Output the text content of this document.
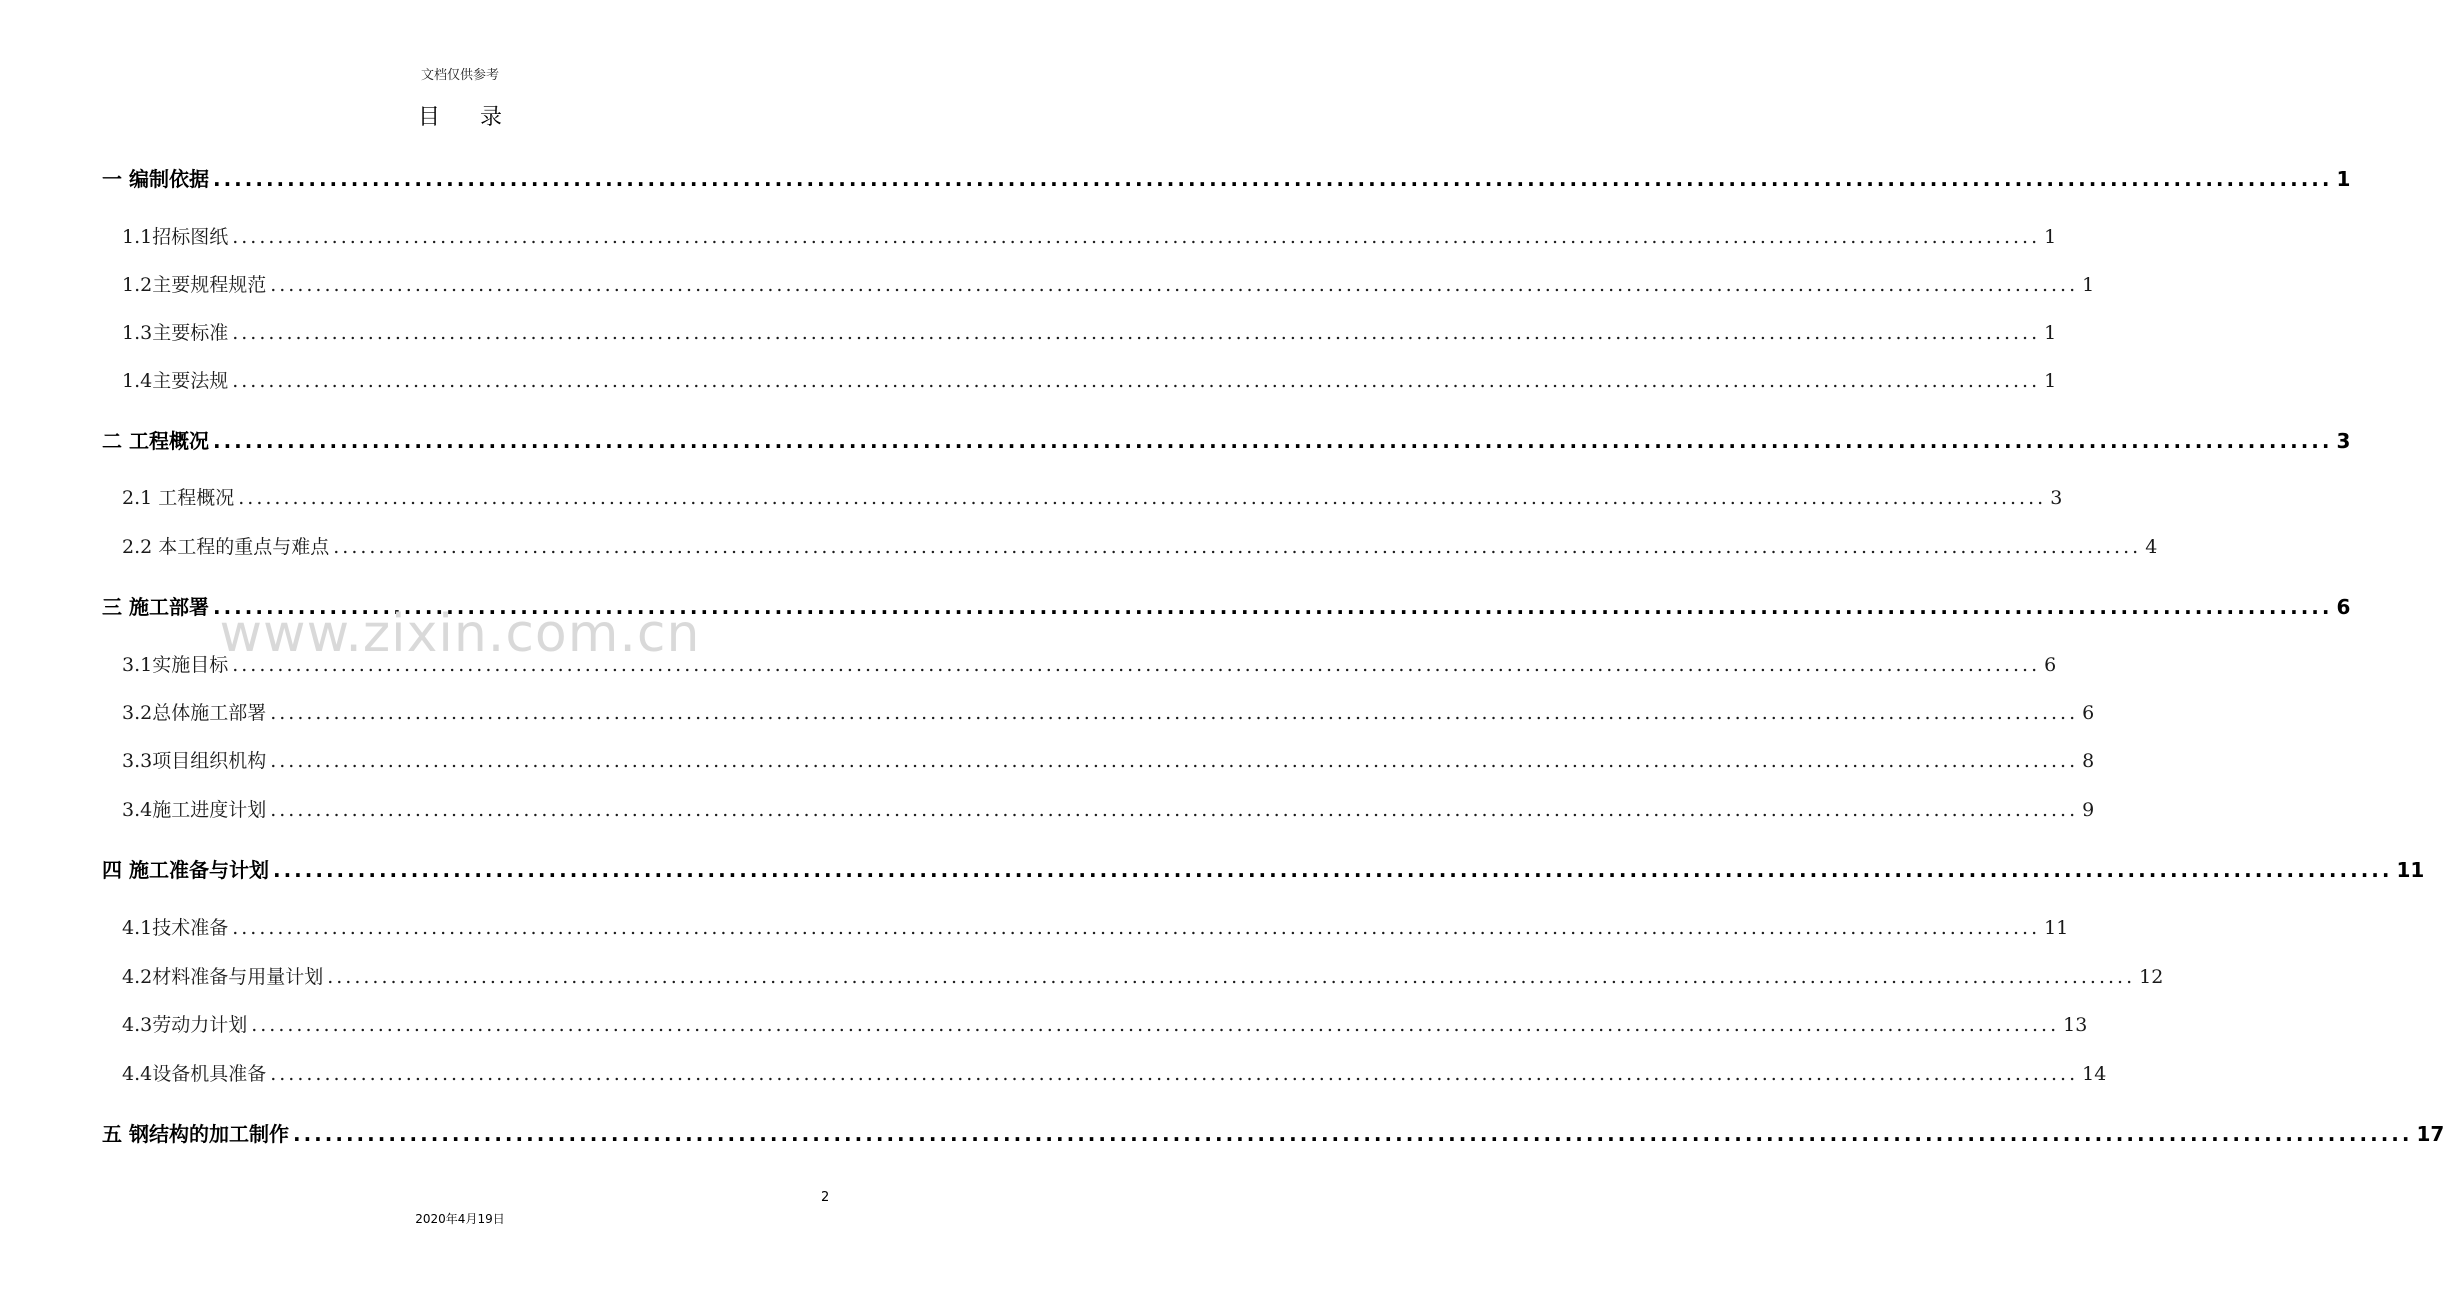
文档仅供参考
目录
一 编制依据 ........................................................................................................................................................................................................ 1
1.1招标图纸 ........................................................................................................................................................................................................ 1
1.2主要规程规范 ........................................................................................................................................................................................................ 1
1.3主要标准 ........................................................................................................................................................................................................ 1
1.4主要法规 ........................................................................................................................................................................................................ 1
二 工程概况 ........................................................................................................................................................................................................ 3
2.1 工程概况 ........................................................................................................................................................................................................ 3
2.2 本工程的重点与难点 ........................................................................................................................................................................................................ 4
三 施工部署 ........................................................................................................................................................................................................ 6
3.1实施目标 ........................................................................................................................................................................................................ 6
3.2总体施工部署 ........................................................................................................................................................................................................ 6
3.3项目组织机构 ........................................................................................................................................................................................................ 8
3.4施工进度计划 ........................................................................................................................................................................................................ 9
四 施工准备与计划 ........................................................................................................................................................................................................ 11
4.1技术准备 ........................................................................................................................................................................................................ 11
4.2材料准备与用量计划 ........................................................................................................................................................................................................ 12
4.3劳动力计划 ........................................................................................................................................................................................................ 13
4.4设备机具准备 ........................................................................................................................................................................................................ 14
五 钢结构的加工制作 ........................................................................................................................................................................................................ 17
www.zixin.com.cn
2
2020年4月19日
